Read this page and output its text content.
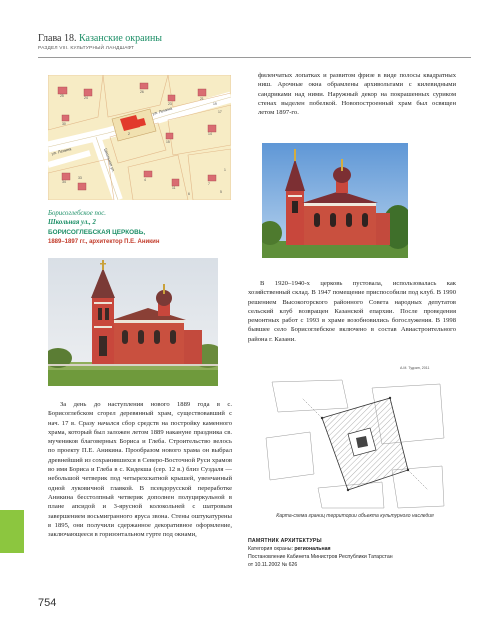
Глава 18. Казанские окраины
РАЗДЕЛ VIII. КУЛЬТУРНЫЙ ЛАНДШАФТ
24
26
25
23
21
19
17
2
30
15
33
14
34	4
11
7
5
6
1
ул. Ленина
ул. Ленина	Школьная ул.
Борисоглебское пос.
Школьная ул., 2
БОРИСОГЛЕБСКАЯ ЦЕРКОВЬ,
1889–1897 гг., архитектор П.Е. Аникин
филенчатых лопатках и развитом фризе в виде полосы квадратных ниш. Арочные окна обрамлены архивольтами с килевидными сандриками над ними. Наружный декор на покрашенных суриком стенах выделен побелкой. Новопостроенный храм был освящен летом 1897-го.
В 1920–1940-х церковь пустовала, использовалась как хозяйственный склад. В 1947 помещение приспособили под клуб. В 1990 решением Высокогорского районного Совета народных депутатов сельский клуб возвращен Казанской епархии. После проведения ремонтных работ с 1993 в храме возобновились богослужения. В 1998 бывшее село Борисоглебское включено в состав Авиастроительного района г. Казани.
За день до наступления нового 1889 года в с. Борисоглебском сгорел деревянный храм, существовавший с нач. 17 в. Сразу начался сбор средств на постройку каменного храма, который был заложен летом 1889 накануне праздника св. мучеников благоверных Бориса и Глеба. Строительство велось по проекту П.Е. Аникина. Прообразом нового храма он выбрал древнейший из сохранившихся в Северо-Восточной Руси храмов во имя Бориса и Глеба в с. Кидекша (сер. 12 в.) близ Суздаля — небольшой четверик под четырехскатной крышей, увенчанный одной луковичной главкой. В псевдорусской переработке Аникина бесстолпный четверик дополнен полуциркульной в плане апсидой и 3-ярусной колокольней с шатровым завершением восьмигранного яруса звона. Стены оштукатурены в 1895, они получили сдержанное декоративное оформление, заключающееся в горизонтальном гурте под окнами,
А.М. Тудзин, 2011
Карта-схема границ территории объекта культурного наследия
ПАМЯТНИК АРХИТЕКТУРЫ
Категория охраны: региональная
Постановление Кабинета Министров Республики Татарстан
от 10.11.2002 № 626
754
